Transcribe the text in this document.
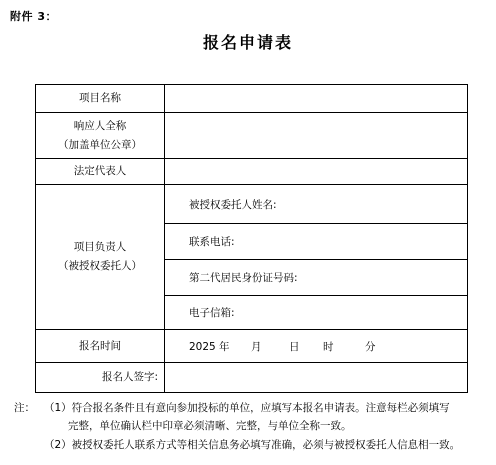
附件 3：
报名申请表
项目名称	

响应人全称
（加盖单位公章）	

法定代表人	

项目负责人
（被授权委托人）	被授权委托人姓名:
	联系电话:
	第二代居民身份证号码:
	电子信箱:
报名时间	2025 年 月 日 时 分
报名人签字:	
注： （1）符合报名条件且有意向参加投标的单位，应填写本报名申请表。注意每栏必须填写
完整，单位确认栏中印章必须清晰、完整，与单位全称一致。
（2）被授权委托人联系方式等相关信息务必填写准确，必须与被授权委托人信息相一致。
